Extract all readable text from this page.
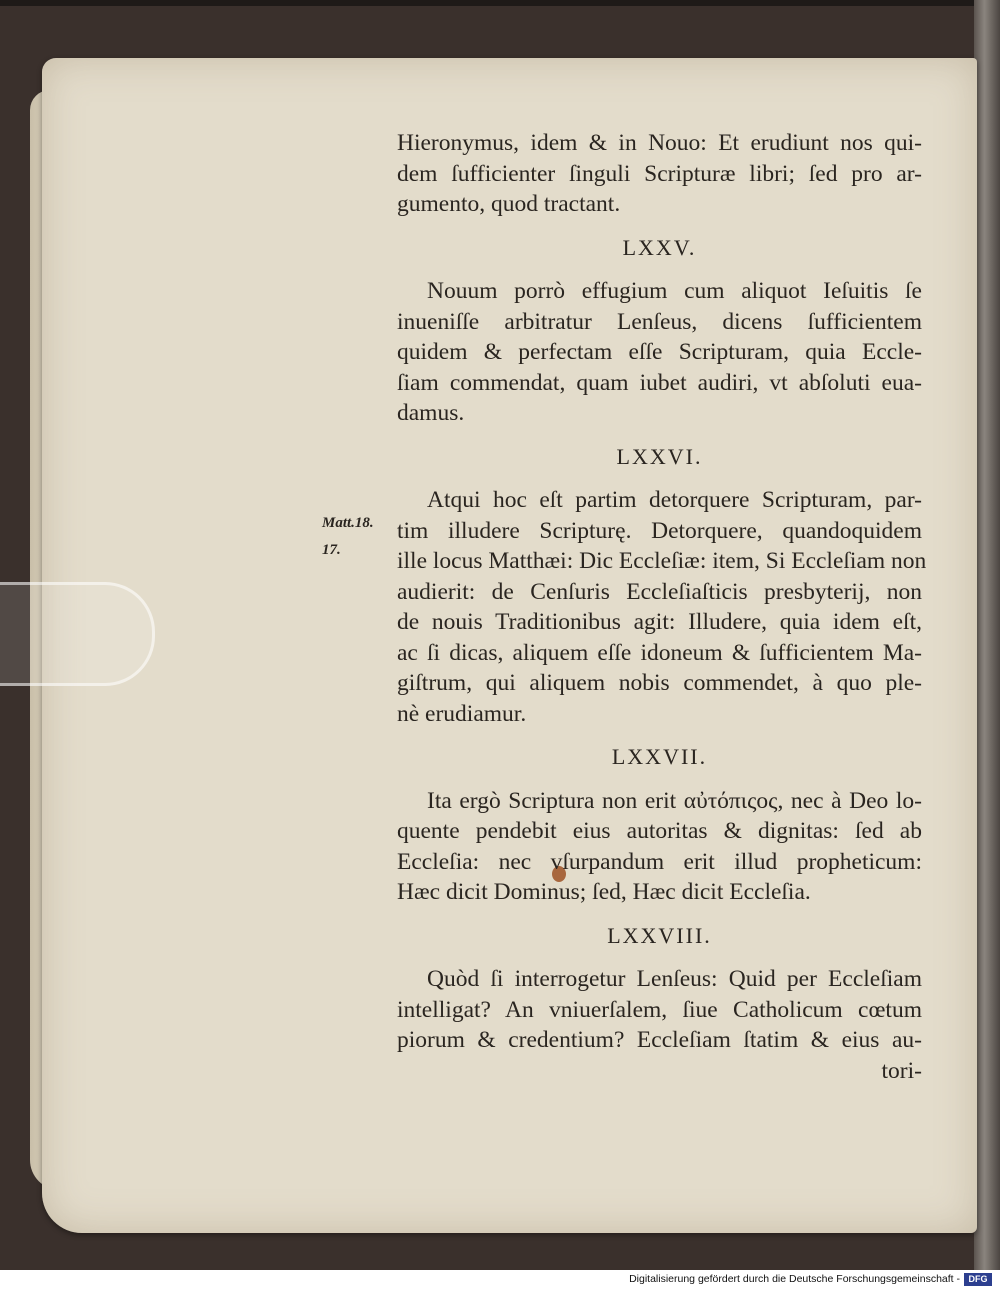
Matt.18.
17.

Hieronymus, idem & in Nouo: Et erudiunt nos qui-

dem ſufficienter ſinguli Scripturæ libri; ſed pro ar-

gumento, quod tractant.

LXXV.

Nouum porrò effugium cum aliquot Ieſuitis ſe

inueniſſe arbitratur Lenſeus, dicens ſufficientem

quidem & perfectam eſſe Scripturam, quia Eccle-

ſiam commendat, quam iubet audiri, vt abſoluti eua-

damus.

LXXVI.

Atqui hoc eſt partim detorquere Scripturam, par-

tim illudere Scripturę. Detorquere, quandoquidem

ille locus Matthæi: Dic Eccleſiæ: item, Si Eccleſiam non

audierit: de Cenſuris Eccleſiaſticis presbyterij, non

de nouis Traditionibus agit: Illudere, quia idem eſt,

ac ſi dicas, aliquem eſſe idoneum & ſufficientem Ma-

giſtrum, qui aliquem nobis commendet, à quo ple-

nè erudiamur.

LXXVII.

Ita ergò Scriptura non erit αὐτόπιςος, nec à Deo lo-

quente pendebit eius autoritas & dignitas: ſed ab

Eccleſia: nec vſurpandum erit illud propheticum:

Hæc dicit Dominus; ſed, Hæc dicit Eccleſia.

LXXVIII.

Quòd ſi interrogetur Lenſeus: Quid per Eccleſiam

intelligat? An vniuerſalem, ſiue Catholicum cœtum

piorum & credentium? Eccleſiam ſtatim & eius au-

tori-

Digitalisierung gefördert durch die Deutsche Forschungsgemeinschaft - DFG
